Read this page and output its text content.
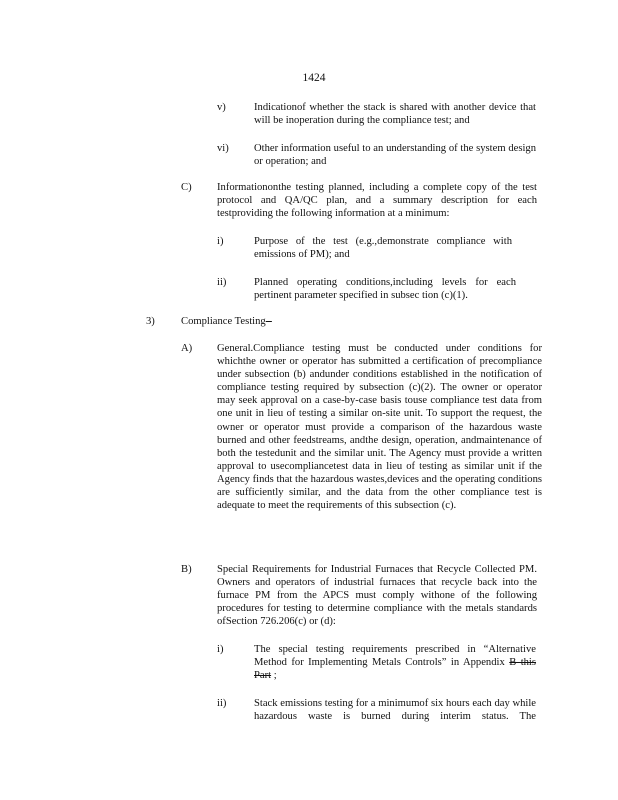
1424
v)	Indicationof whether the stack is shared with another device that will be inoperation during the compliance test; and
vi) Other information useful to an understanding of the system design or operation; and
C) Informationonthe testing planned, including a complete copy of the test protocol and QA/QC plan, and a summary description for each testproviding the following information at a minimum:
i)	Purpose of the test (e.g.,demonstrate compliance with emissions of PM); and
ii)	Planned operating conditions,including levels for each pertinent parameter specified in subsec tion (c)(1).
3) Compliance Testing -
A) General.Compliance testing must be conducted under conditions for whichthe owner or operator has submitted a certification of precompliance under subsection (b) andunder conditions established in the notification of compliance testing required by subsection (c)(2). The owner or operator may seek approval on a case-by-case basis touse compliance test data from one unit in lieu of testing a similar on-site unit. To support the request, the owner or operator must provide a comparison of the hazardous waste burned and other feedstreams, andthe design, operation, andmaintenance of both the testedunit and the similar unit. The Agency must provide a written approval to usecompliancetest data in lieu of testing as similar unit if the Agency finds that the hazardous wastes,devices and the operating conditions are sufficiently similar, and the data from the other compliance test is adequate to meet the requirements of this subsection (c).
B) Special Requirements for Industrial Furnaces that Recycle Collected PM. Owners and operators of industrial furnaces that recycle back into the furnace PM from the APCS must comply withone of the following procedures for testing to determine compliance with the metals standards ofSection 726.206(c) or (d):
i)	The special testing requirements prescribed in “Alternative Method for Implementing Metals Controls” in Appendix B this Part ;
ii)	Stack emissions testing for a minimumof six hours each day while hazardous waste is burned during interim status. The
